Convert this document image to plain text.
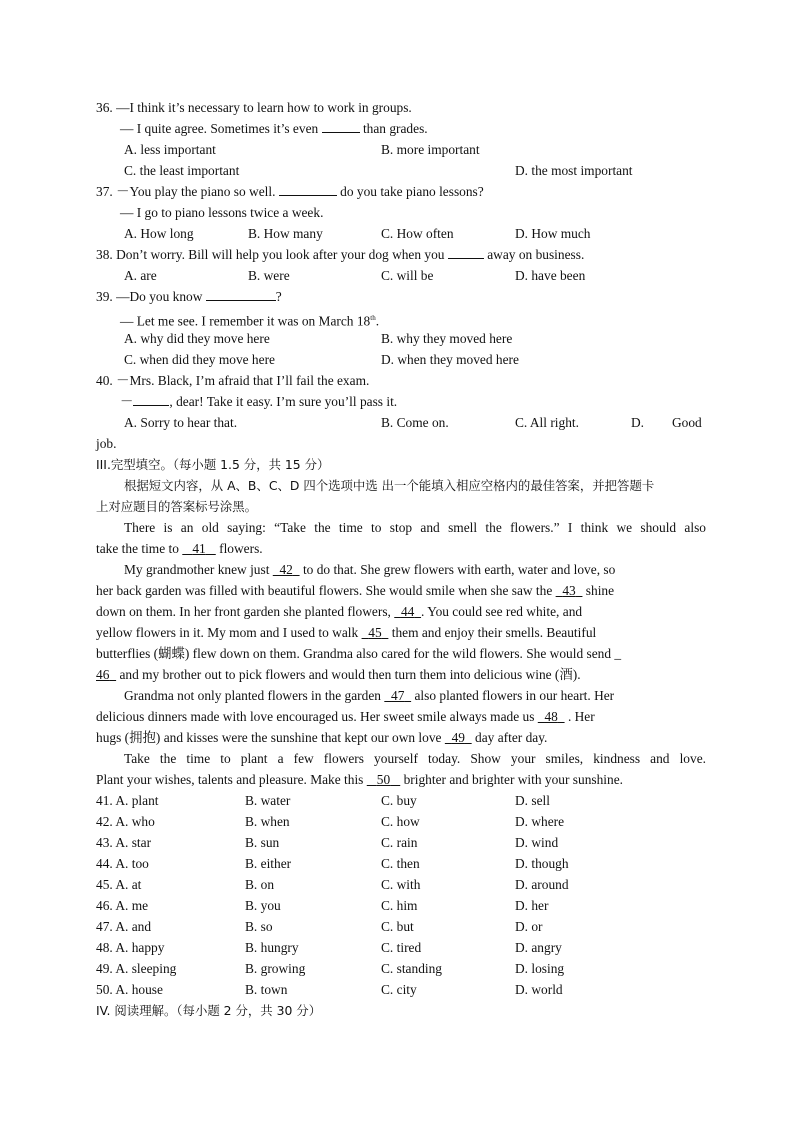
36. —I think it’s necessary to learn how to work in groups.
— I quite agree. Sometimes it’s even	than grades.
A. less important	B. more important
C. the least important	D. the most important
37. －You play the piano so well.	do you take piano lessons?
— I go to piano lessons twice a week.
A. How long	B. How many	C. How often	D. How much
38. Don’t worry. Bill will help you look after your dog when you	away on business.
A. are	B. were	C. will be	D. have been
39. —Do you know	?
— Let me see. I remember it was on March 18th.
A. why did they move here	B. why they moved here
C. when did they move here	D. when they moved here
40. －Mrs. Black, I’m afraid that I’ll fail the exam.
－	, dear! Take it easy. I’m sure you’ll pass it.
A. Sorry to hear that.	B. Come on.	C. All right.	D. Good
job.
III.完型填空。（每小题 1.5 分，共 15 分）
根据短文内容，从 A、B、C、D 四个选项中选 出一个能填入相应空格内的最佳答案，并把答题卡
上对应题目的答案标号涂黑。
There is an old saying: “Take the time to stop and smell the flowers.” I think we should also
take the time to 41 flowers.
My grandmother knew just 42 to do that. She grew flowers with earth, water and love, so
her back garden was filled with beautiful flowers. She would smile when she saw the 43 shine
down on them. In her front garden she planted flowers, 44 . You could see red white, and
yellow flowers in it. My mom and I used to walk 45 them and enjoy their smells. Beautiful
butterflies (蝴蝶) flew down on them. Grandma also cared for the wild flowers. She would send _
46 and my brother out to pick flowers and would then turn them into delicious wine (酒).
Grandma not only planted flowers in the garden 47 also planted flowers in our heart. Her
delicious dinners made with love encouraged us. Her sweet smile always made us 48 . Her
hugs (拥抱) and kisses were the sunshine that kept our own love 49 day after day.
Take the time to plant a few flowers yourself today. Show your smiles, kindness and love.
Plant your wishes, talents and pleasure. Make this 50 brighter and brighter with your sunshine.
41. A. plant	B. water	C. buy	D. sell
42. A. who	B. when	C. how	D. where
43. A. star	B. sun	C. rain	D. wind
44. A. too	B. either	C. then	D. though
45. A. at	B. on	C. with	D. around
46. A. me	B. you	C. him	D. her
47. A. and	B. so	C. but	D. or
48. A. happy	B. hungry	C. tired	D. angry
49. A. sleeping	B. growing	C. standing	D. losing
50. A. house	B. town	C. city	D. world
IV. 阅读理解。（每小题 2 分，共 30 分）
